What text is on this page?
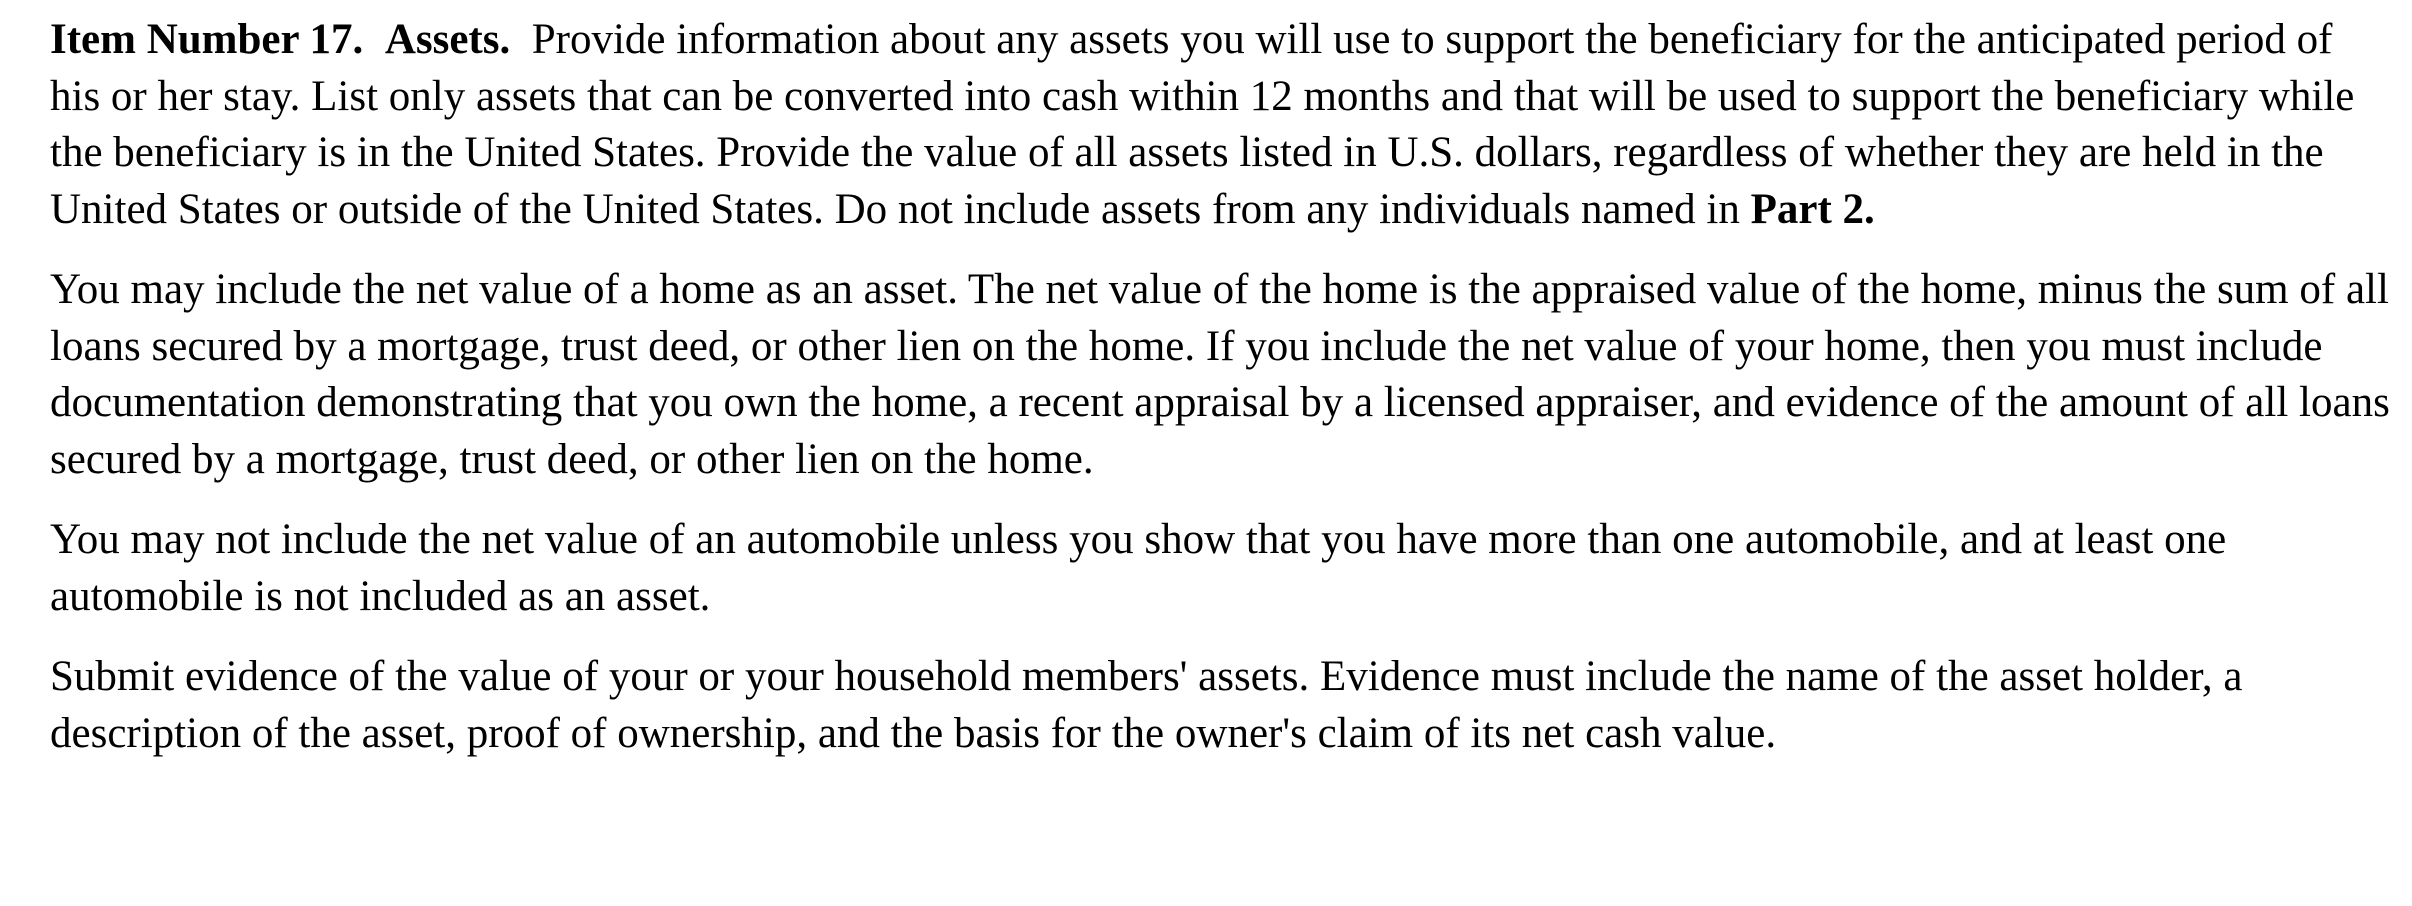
Item Number 17. Assets. Provide information about any assets you will use to support the beneficiary for the anticipated period of his or her stay. List only assets that can be converted into cash within 12 months and that will be used to support the beneficiary while the beneficiary is in the United States. Provide the value of all assets listed in U.S. dollars, regardless of whether they are held in the United States or outside of the United States. Do not include assets from any individuals named in Part 2.

You may include the net value of a home as an asset. The net value of the home is the appraised value of the home, minus the sum of all loans secured by a mortgage, trust deed, or other lien on the home. If you include the net value of your home, then you must include documentation demonstrating that you own the home, a recent appraisal by a licensed appraiser, and evidence of the amount of all loans secured by a mortgage, trust deed, or other lien on the home.

You may not include the net value of an automobile unless you show that you have more than one automobile, and at least one automobile is not included as an asset.

Submit evidence of the value of your or your household members' assets. Evidence must include the name of the asset holder, a description of the asset, proof of ownership, and the basis for the owner's claim of its net cash value.
